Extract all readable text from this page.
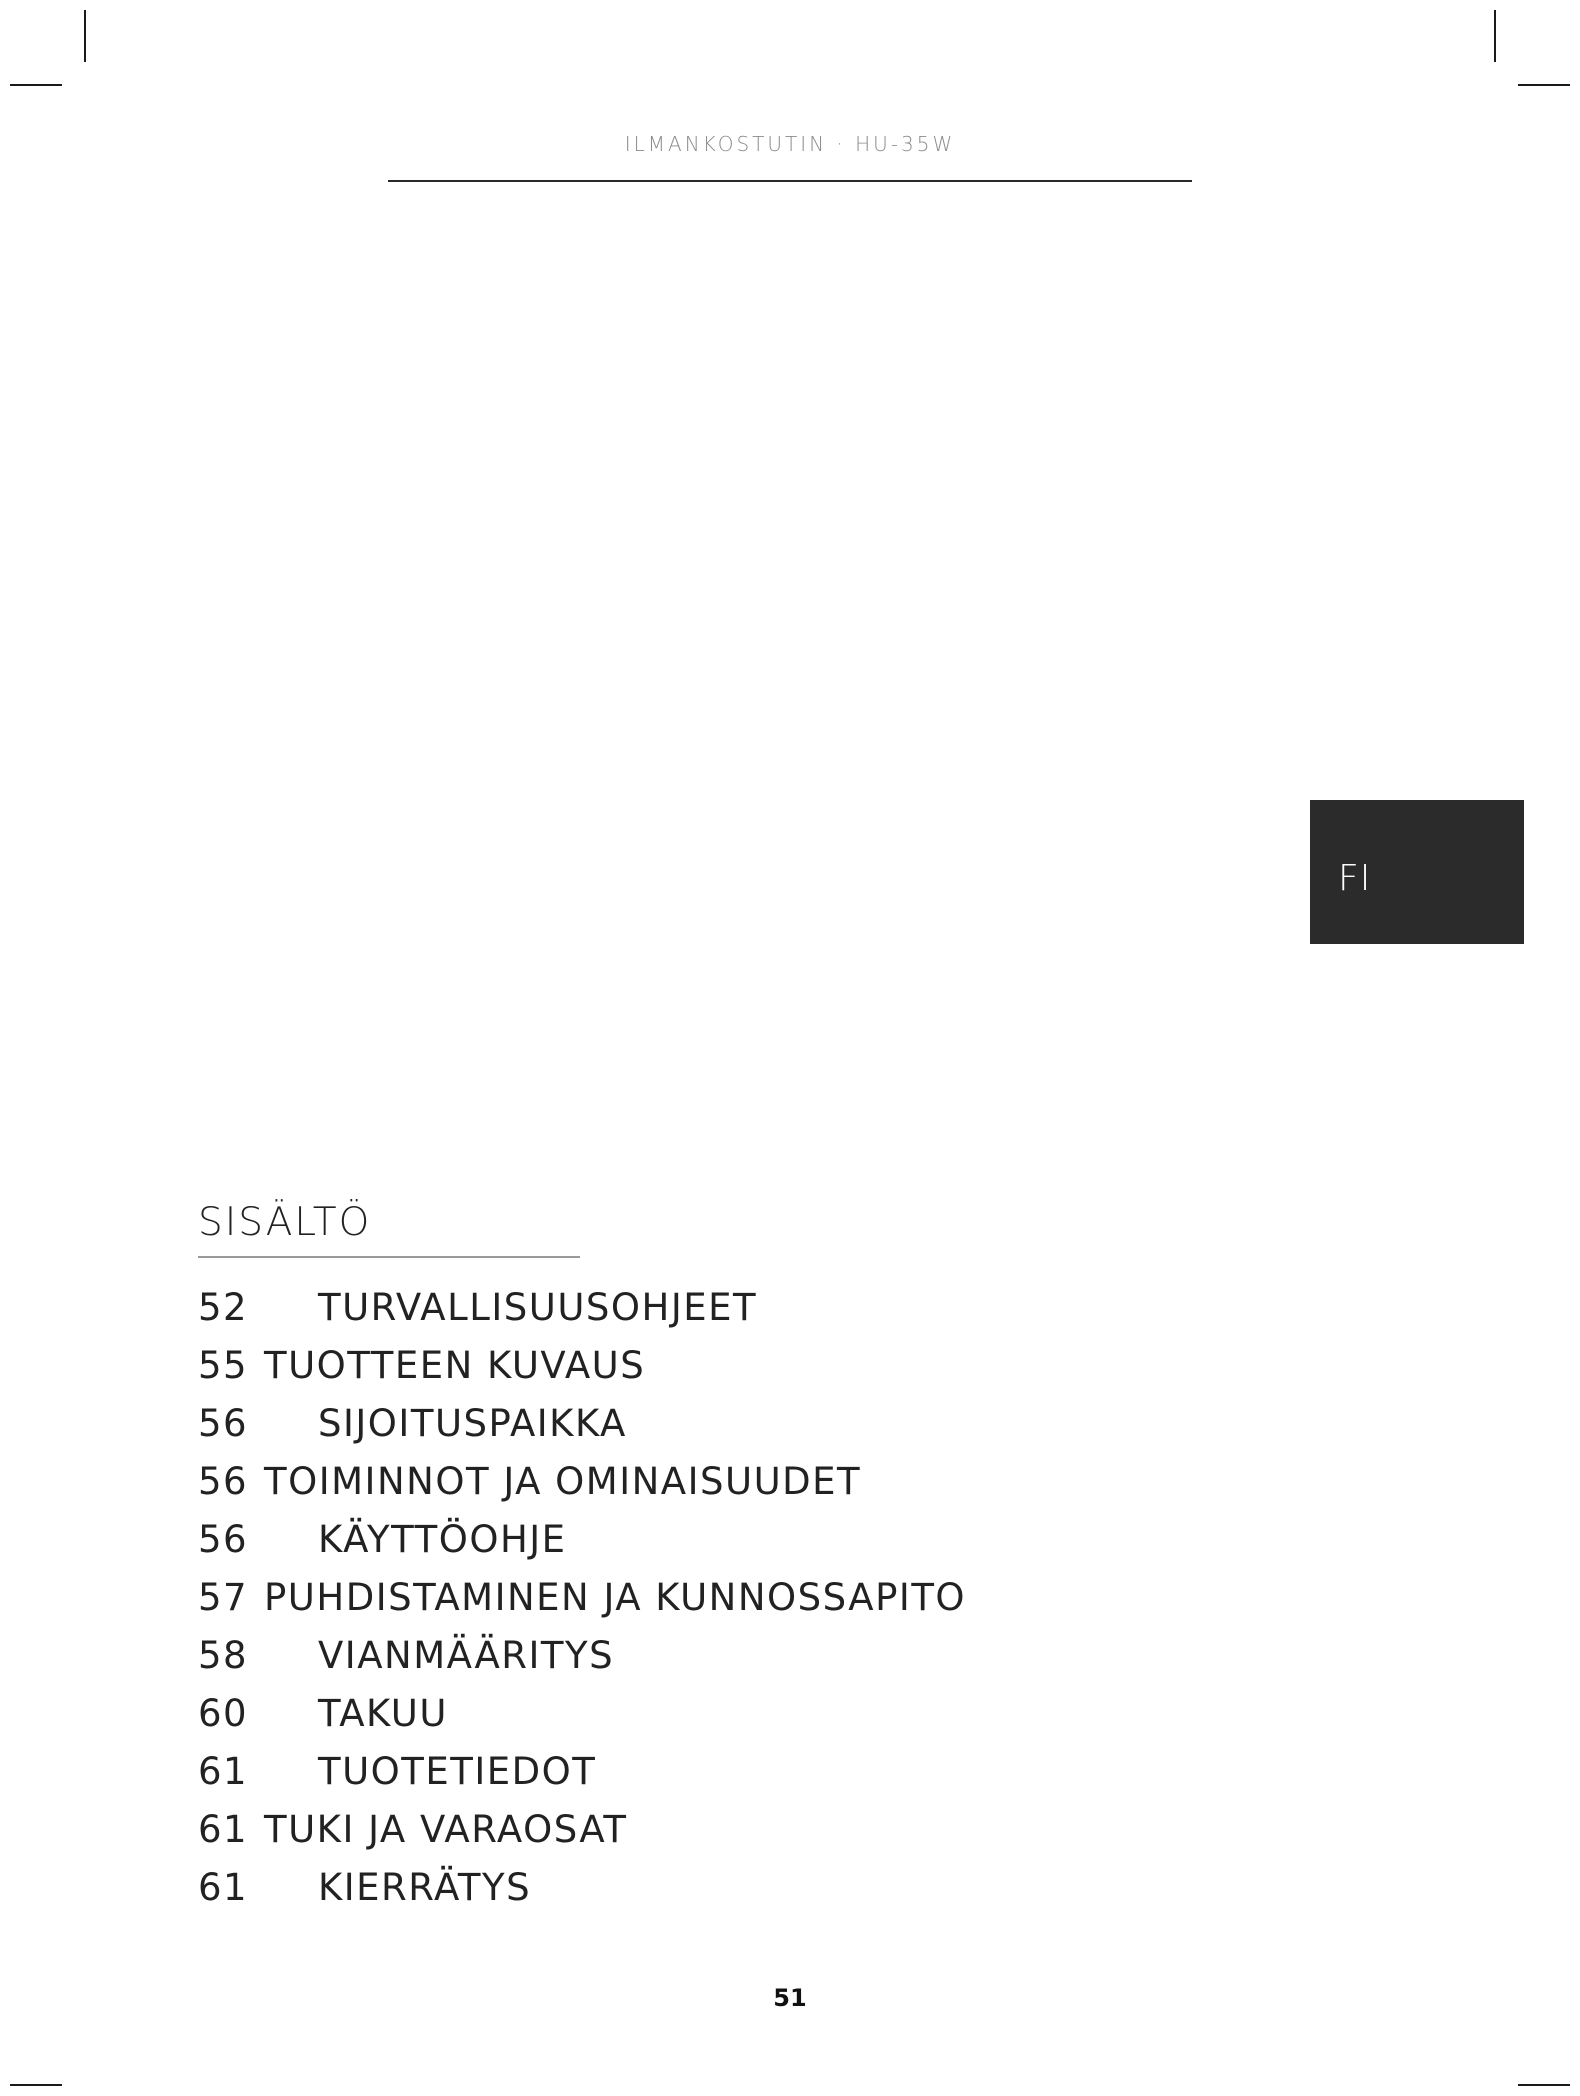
ILMANKOSTUTIN · HU-35W
FI
SISÄLTÖ
52	TURVALLISUUSOHJEET
55 TUOTTEEN KUVAUS
56	SIJOITUSPAIKKA
56 TOIMINNOT JA OMINAISUUDET
56	KÄYTTÖOHJE
57 PUHDISTAMINEN JA KUNNOSSAPITO
58	VIANMÄÄRITYS
60	TAKUU
61	TUOTETIEDOT
61 TUKI JA VARAOSAT
61	KIERRÄTYS
51
